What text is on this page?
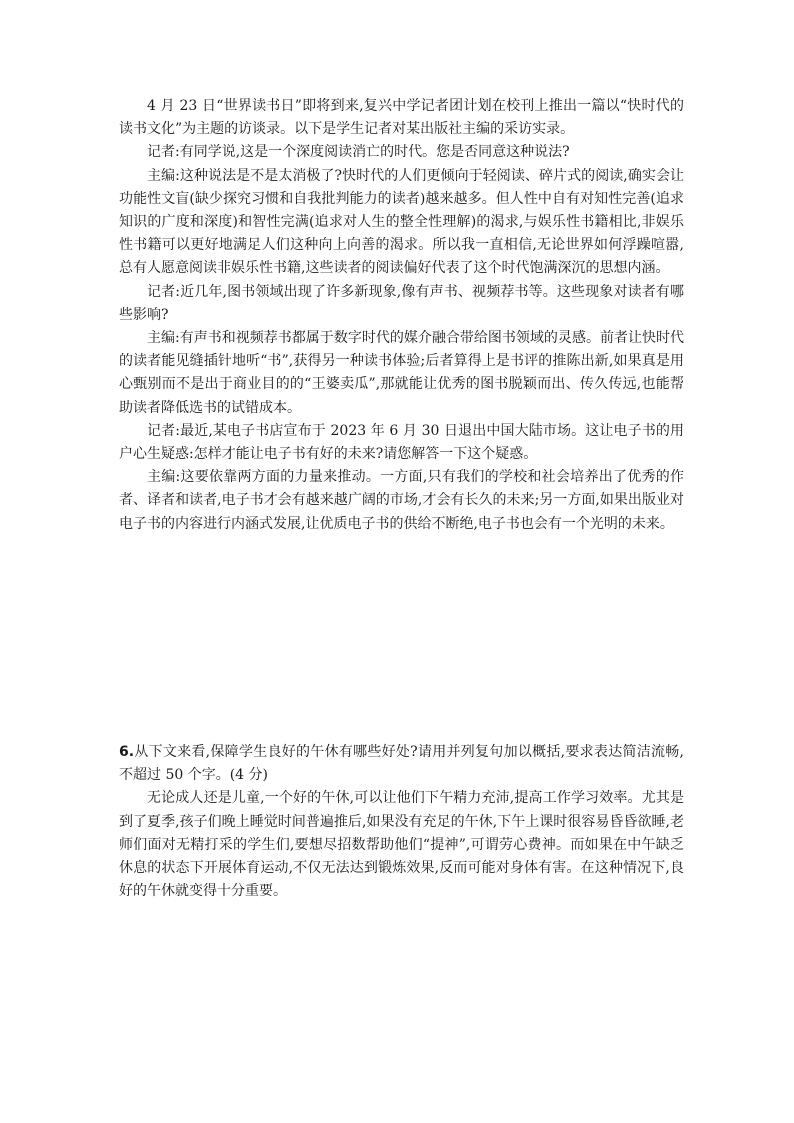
4 月 23 日“世界读书日”即将到来,复兴中学记者团计划在校刊上推出一篇以“快时代的读书文化”为主题的访谈录。以下是学生记者对某出版社主编的采访实录。

记者:有同学说,这是一个深度阅读消亡的时代。您是否同意这种说法?

主编:这种说法是不是太消极了?快时代的人们更倾向于轻阅读、碎片式的阅读,确实会让功能性文盲(缺少探究习惯和自我批判能力的读者)越来越多。但人性中自有对知性完善(追求知识的广度和深度)和智性完满(追求对人生的整全性理解)的渴求,与娱乐性书籍相比,非娱乐性书籍可以更好地满足人们这种向上向善的渴求。所以我一直相信,无论世界如何浮躁喧嚣,总有人愿意阅读非娱乐性书籍,这些读者的阅读偏好代表了这个时代饱满深沉的思想内涵。

记者:近几年,图书领域出现了许多新现象,像有声书、视频荐书等。这些现象对读者有哪些影响?

主编:有声书和视频荐书都属于数字时代的媒介融合带给图书领域的灵感。前者让快时代的读者能见缝插针地听“书”,获得另一种读书体验;后者算得上是书评的推陈出新,如果真是用心甄别而不是出于商业目的的“王婆卖瓜”,那就能让优秀的图书脱颖而出、传久传远,也能帮助读者降低选书的试错成本。

记者:最近,某电子书店宣布于 2023 年 6 月 30 日退出中国大陆市场。这让电子书的用户心生疑惑:怎样才能让电子书有好的未来?请您解答一下这个疑惑。

主编:这要依靠两方面的力量来推动。一方面,只有我们的学校和社会培养出了优秀的作者、译者和读者,电子书才会有越来越广阔的市场,才会有长久的未来;另一方面,如果出版业对电子书的内容进行内涵式发展,让优质电子书的供给不断绝,电子书也会有一个光明的未来。

6.从下文来看,保障学生良好的午休有哪些好处?请用并列复句加以概括,要求表达简洁流畅,不超过 50 个字。(4 分)

无论成人还是儿童,一个好的午休,可以让他们下午精力充沛,提高工作学习效率。尤其是到了夏季,孩子们晚上睡觉时间普遍推后,如果没有充足的午休,下午上课时很容易昏昏欲睡,老师们面对无精打采的学生们,要想尽招数帮助他们“提神”,可谓劳心费神。而如果在中午缺乏休息的状态下开展体育运动,不仅无法达到锻炼效果,反而可能对身体有害。在这种情况下,良好的午休就变得十分重要。
